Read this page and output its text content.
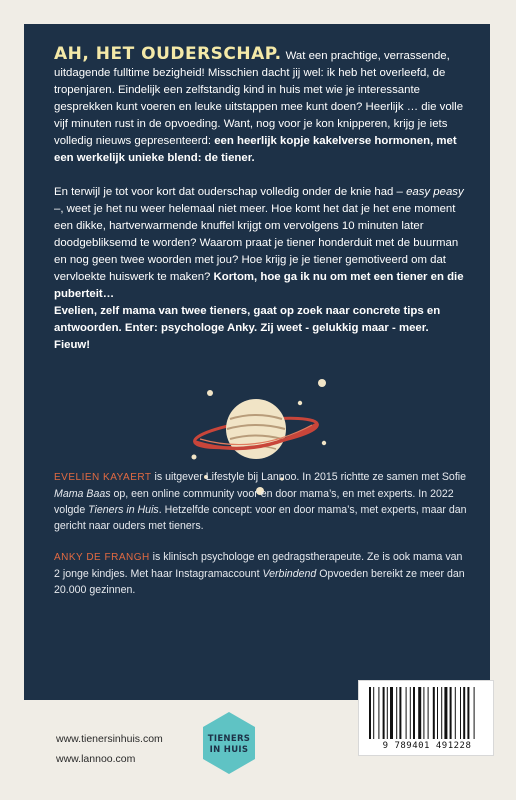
AH, HET OUDERSCHAP. Wat een prachtige, verrassende, uitdagende fulltime bezigheid! Misschien dacht jij wel: ik heb het overleefd, de tropenjaren. Eindelijk een zelfstandig kind in huis met wie je interessante gesprekken kunt voeren en leuke uitstappen mee kunt doen? Heerlijk … die volle vijf minuten rust in de opvoeding. Want, nog voor je kon knipperen, krijg je iets volledig nieuws gepresenteerd: een heerlijk kopje kakelverse hormonen, met een werkelijk unieke blend: de tiener.

En terwijl je tot voor kort dat ouderschap volledig onder de knie had – easy peasy –, weet je het nu weer helemaal niet meer. Hoe komt het dat je het ene moment een dikke, hartverwarmende knuffel krijgt om vervolgens 10 minuten later doodgebliksemd te worden? Waarom praat je tiener honderduit met de buurman en nog geen twee woorden met jou? Hoe krijg je je tiener gemotiveerd om dat vervloekte huiswerk te maken? Kortom, hoe ga ik nu om met een tiener en die puberteit…

Evelien, zelf mama van twee tieners, gaat op zoek naar concrete tips en antwoorden. Enter: psychologe Anky. Zij weet - gelukkig maar - meer. Fieuw!

EVELIEN KAYAERT is uitgever Lifestyle bij Lannoo. In 2015 richtte ze samen met Sofie Mama Baas op, een online community voor en door mama’s, en met experts. In 2022 volgde Tieners in Huis. Hetzelfde concept: voor en door mama’s, met experts, maar dan gericht naar ouders met tieners.

ANKY DE FRANGH is klinisch psychologe en gedragstherapeute. Ze is ook mama van 2 jonge kindjes. Met haar Instagramaccount Verbindend Opvoeden bereikt ze meer dan 20.000 gezinnen.

www.tienersinhuis.com
www.lannoo.com
TIENERS
IN HUIS	9 789401 491228
